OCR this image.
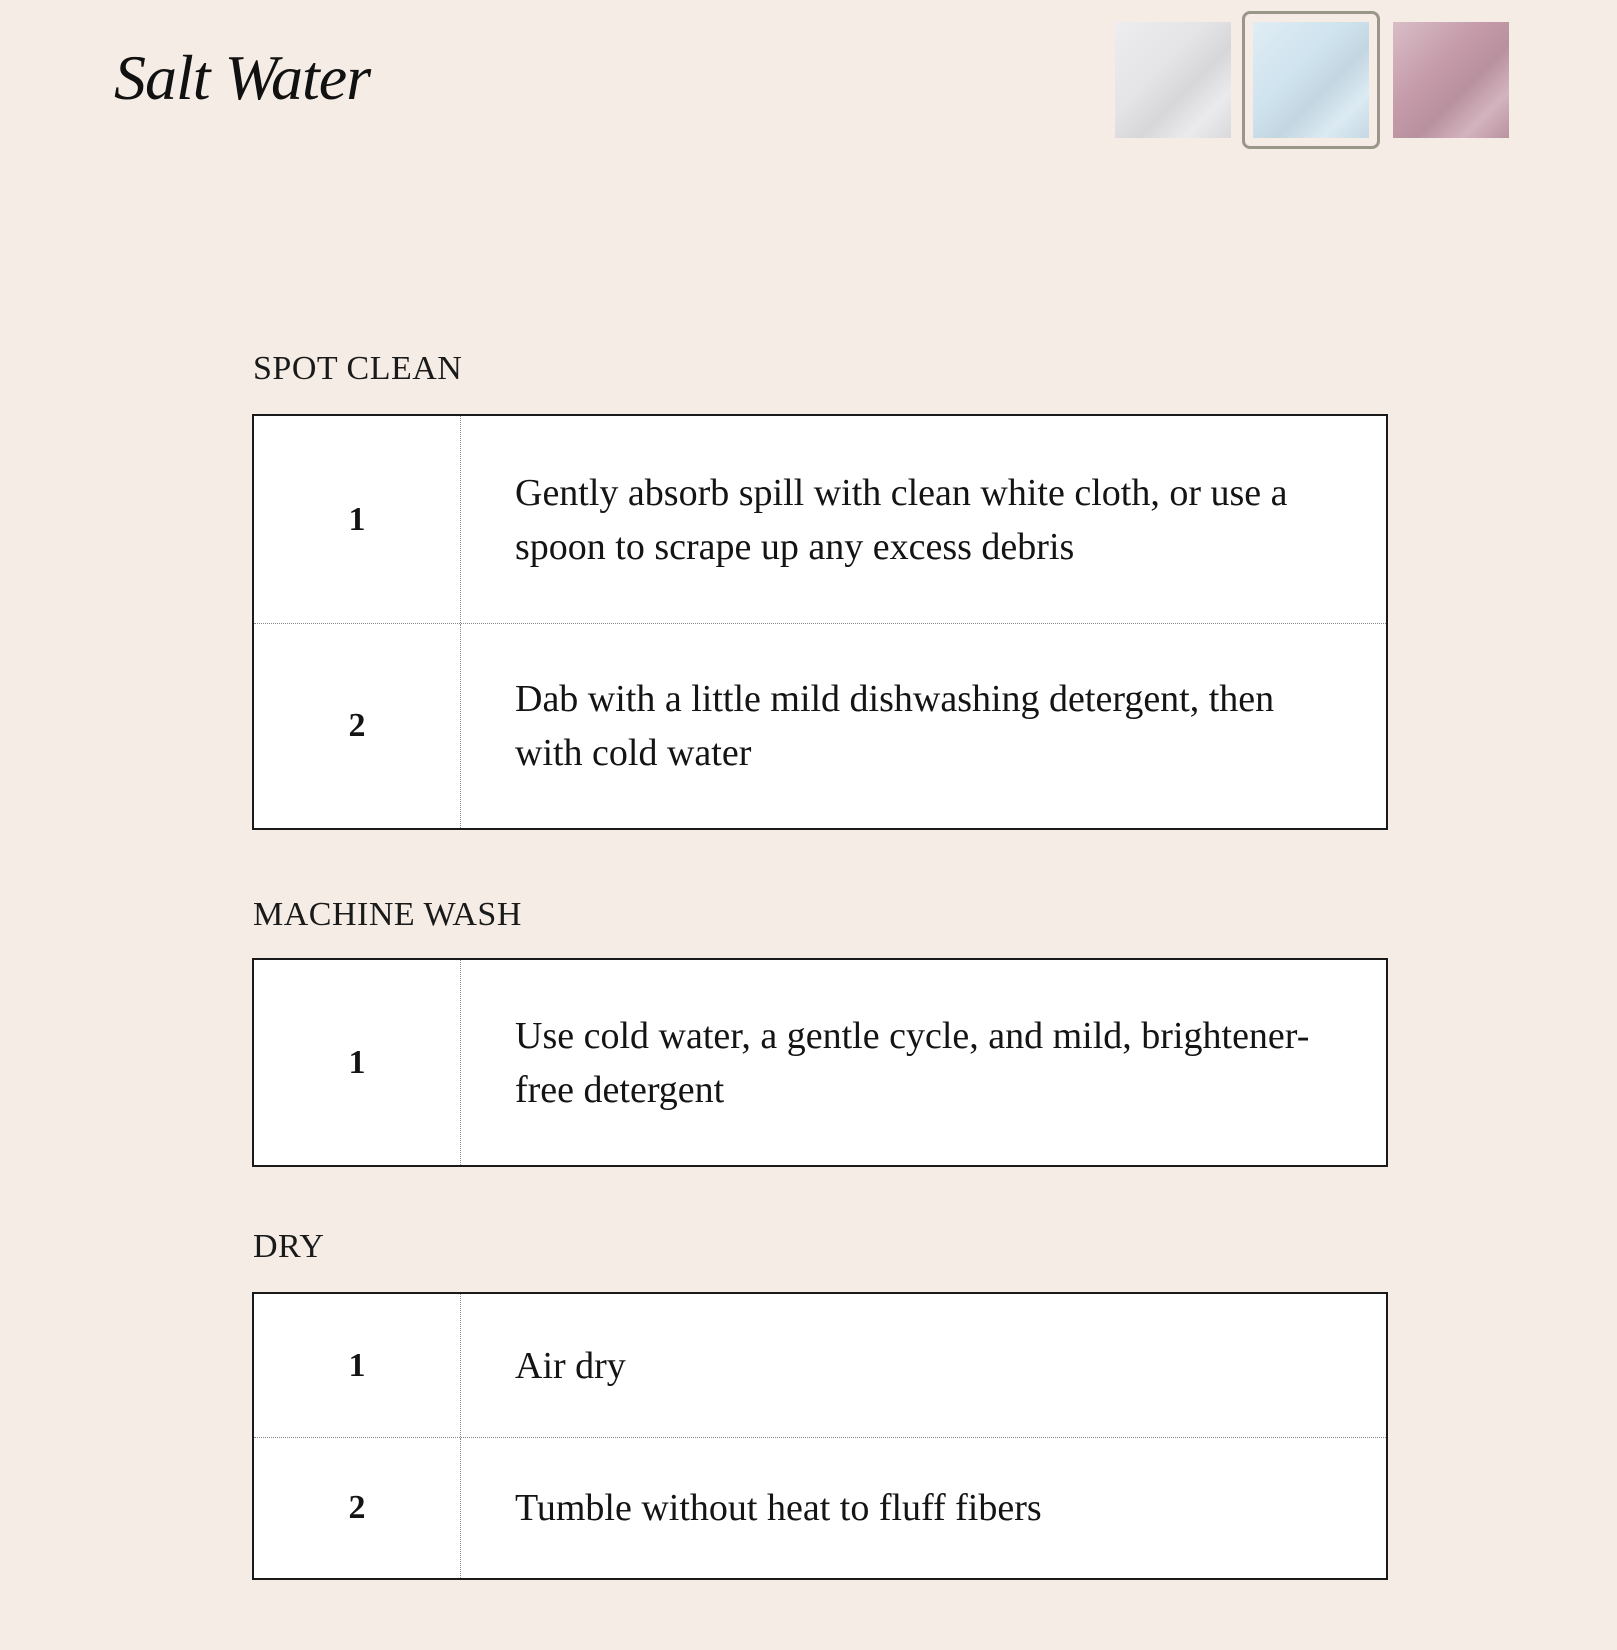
Salt Water
SPOT CLEAN
1
Gently absorb spill with clean white cloth, or use a spoon to scrape up any excess debris
2
Dab with a little mild dishwashing detergent, then with cold water
MACHINE WASH
1
Use cold water, a gentle cycle, and mild, brightener-free detergent
DRY
1	Air dry
2	Tumble without heat to fluff fibers
